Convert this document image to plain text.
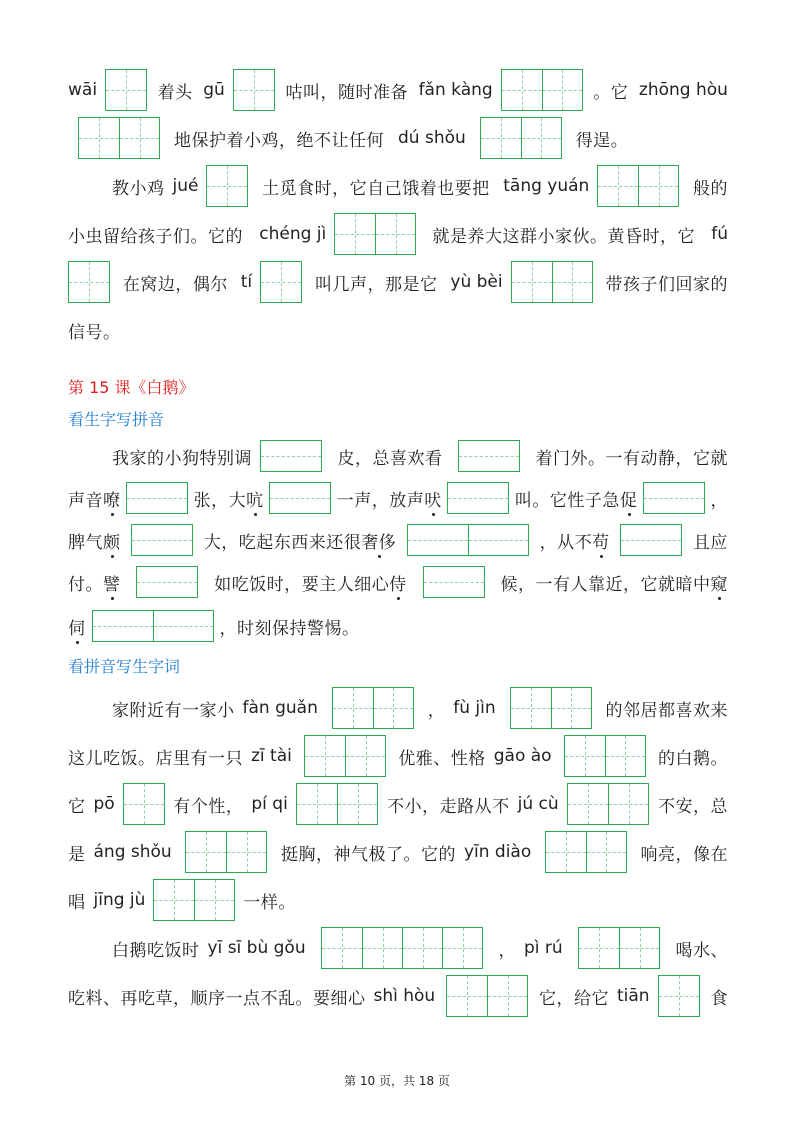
wāi	着头 gū	咕叫，随时准备 fǎn kàng	。它 zhōng hòu
地保护着小鸡，绝不让任何 dú shǒu	得逞。
教小鸡 jué	土觅食时，它自己饿着也要把 tāng yuán	般的
小虫留给孩子们。它的 chéng jì	就是养大这群小家伙。黄昏时，它 fú
在窝边，偶尔 tí	叫几声，那是它 yù bèi	带孩子们回家的
信号。
第 15 课《白鹅》
看生字写拼音
我家的小狗特别调	皮，总喜欢看	着门外。一有动静，它就
声音嘹	张，大吭	一声，放声吠	叫。它性子急促	，
脾气颇	大，吃起东西来还很奢侈	，从不苟	且应
付。譬	如吃饭时，要主人细心侍	候，一有人靠近，它就暗中窥
伺	，时刻保持警惕。
看拼音写生字词
家附近有一家小 fàn guǎn	， fù jìn	的邻居都喜欢来
这儿吃饭。店里有一只 zī tài	优雅、性格 gāo ào	的白鹅。
它 pō	有个性， pí qi	不小，走路从不 jú cù	不安，总
是 áng shǒu	挺胸，神气极了。它的 yīn diào	响亮，像在
唱 jīng jù	一样。
白鹅吃饭时 yī sī bù gǒu	， pì rú	喝水、
吃料、再吃草，顺序一点不乱。要细心 shì hòu	它，给它 tiān	食
第 10 页，共 18 页
